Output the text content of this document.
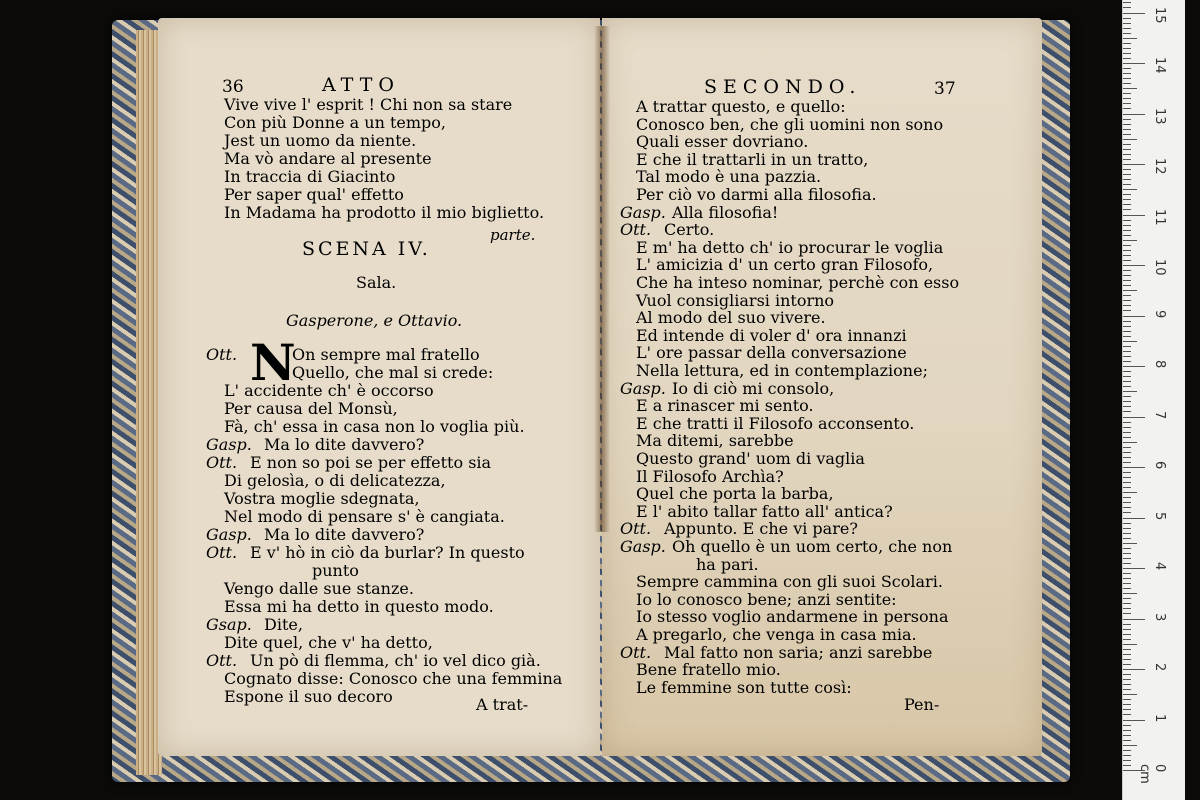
36	ATTO
Vive vive l' esprit ! Chi non sa stare
Con più Donne a un tempo,
Jest un uomo da niente.
Ma vò andare al presente
In traccia di Giacinto
Per saper qual' effetto
In Madama ha prodotto il mio biglietto.
parte.
SCENA IV.
Sala.
Gasperone, e Ottavio.
N
Ott.	On sempre mal fratello
Quello, che mal si crede:
L' accidente ch' è occorso
Per causa del Monsù,
Fà, ch' essa in casa non lo voglia più.
Gasp. Ma lo dite davvero?
Ott. E non so poi se per effetto sia
Di gelosìa, o di delicatezza,
Vostra moglie sdegnata,
Nel modo di pensare s' è cangiata.
Gasp. Ma lo dite davvero?
Ott. E v' hò in ciò da burlar? In questo
punto
Vengo dalle sue stanze.
Essa mi ha detto in questo modo.
Gsap. Dite,
Dite quel, che v' ha detto,
Ott. Un pò di flemma, ch' io vel dico già.
Cognato disse: Conosco che una femmina
Espone il suo decoro	A trat-
SECONDO.	37
A trattar questo, e quello:
Conosco ben, che gli uomini non sono
Quali esser dovriano.
E che il trattarli in un tratto,
Tal modo è una pazzia.
Per ciò vo darmi alla filosofia.
Gasp. Alla filosofia!
Ott. Certo.
E m' ha detto ch' io procurar le voglia
L' amicizia d' un certo gran Filosofo,
Che ha inteso nominar, perchè con esso
Vuol consigliarsi intorno
Al modo del suo vivere.
Ed intende di voler d' ora innanzi
L' ore passar della conversazione
Nella lettura, ed in contemplazione;
Gasp. Io di ciò mi consolo,
E a rinascer mi sento.
E che tratti il Filosofo acconsento.
Ma ditemi, sarebbe
Questo grand' uom di vaglia
Il Filosofo Archìa?
Quel che porta la barba,
E l' abito tallar fatto all' antica?
Ott. Appunto. E che vi pare?
Gasp. Oh quello è un uom certo, che non
ha pari.
Sempre cammina con gli suoi Scolari.
Io lo conosco bene; anzi sentite:
Io stesso voglio andarmene in persona
A pregarlo, che venga in casa mia.
Ott. Mal fatto non saria; anzi sarebbe
Bene fratello mio.
Le femmine son tutte così:
Pen-
15
14
13
12
11
10
9
8
7
6
5
4
3
2
1
0 cm
